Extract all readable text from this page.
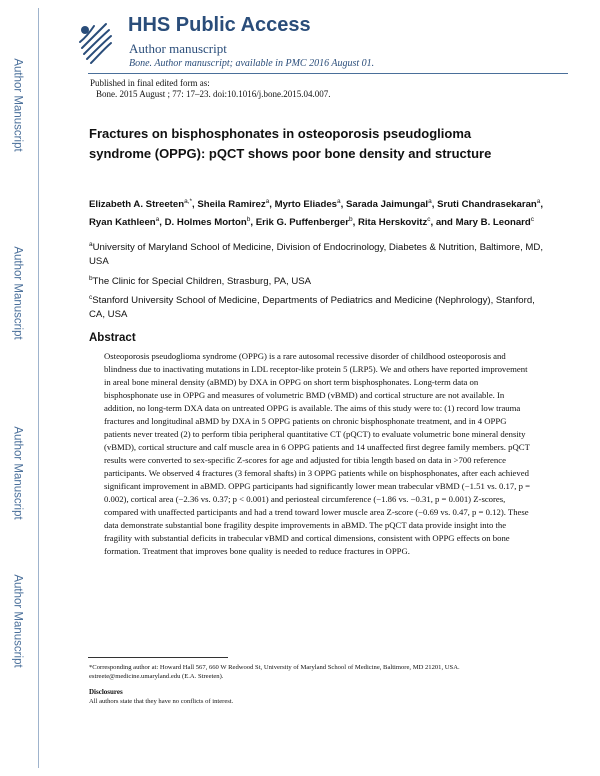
Author Manuscript
Author Manuscript
Author Manuscript
Author Manuscript
HHS Public Access
Author manuscript
Bone. Author manuscript; available in PMC 2016 August 01.
Published in final edited form as:
Bone. 2015 August ; 77: 17–23. doi:10.1016/j.bone.2015.04.007.
Fractures on bisphosphonates in osteoporosis pseudoglioma syndrome (OPPG): pQCT shows poor bone density and structure
Elizabeth A. Streeten$^{a,*}$, Sheila Ramirez$^a$, Myrto Eliades$^a$, Sarada Jaimungal$^a$, Sruti Chandrasekaran$^a$, Ryan Kathleen$^a$, D. Holmes Morton$^b$, Erik G. Puffenberger$^b$, Rita Herskovitz$^c$, and Mary B. Leonard$^c$
$^a$University of Maryland School of Medicine, Division of Endocrinology, Diabetes & Nutrition, Baltimore, MD, USA
$^b$The Clinic for Special Children, Strasburg, PA, USA
$^c$Stanford University School of Medicine, Departments of Pediatrics and Medicine (Nephrology), Stanford, CA, USA
Abstract
Osteoporosis pseudoglioma syndrome (OPPG) is a rare autosomal recessive disorder of childhood osteoporosis and blindness due to inactivating mutations in LDL receptor-like protein 5 (LRP5). We and others have reported improvement in areal bone mineral density (aBMD) by DXA in OPPG on short term bisphosphonates. Long-term data on bisphosphonate use in OPPG and measures of volumetric BMD (vBMD) and cortical structure are not available. In addition, no long-term DXA data on untreated OPPG is available. The aims of this study were to: (1) record low trauma fractures and longitudinal aBMD by DXA in 5 OPPG patients on chronic bisphosphonate treatment, and in 4 OPPG patients never treated (2) to perform tibia peripheral quantitative CT (pQCT) to evaluate volumetric bone mineral density (vBMD), cortical structure and calf muscle area in 6 OPPG patients and 14 unaffected first degree family members. pQCT results were converted to sex-specific Z-scores for age and adjusted for tibia length based on data in >700 reference participants. We observed 4 fractures (3 femoral shafts) in 3 OPPG patients while on bisphosphonates, after each achieved significant improvement in aBMD. OPPG participants had significantly lower mean trabecular vBMD (−1.51 vs. 0.17, p = 0.002), cortical area (−2.36 vs. 0.37; p < 0.001) and periosteal circumference (−1.86 vs. −0.31, p = 0.001) Z-scores, compared with unaffected participants and had a trend toward lower muscle area Z-score (−0.69 vs. 0.47, p = 0.12). These data demonstrate substantial bone fragility despite improvements in aBMD. The pQCT data provide insight into the fragility with substantial deficits in trabecular vBMD and cortical dimensions, consistent with OPPG effects on bone formation. Treatment that improves bone quality is needed to reduce fractures in OPPG.
*Corresponding author at: Howard Hall 567, 660 W Redwood St, University of Maryland School of Medicine, Baltimore, MD 21201, USA. estreete@medicine.umaryland.edu (E.A. Streeten).
Disclosures
All authors state that they have no conflicts of interest.
